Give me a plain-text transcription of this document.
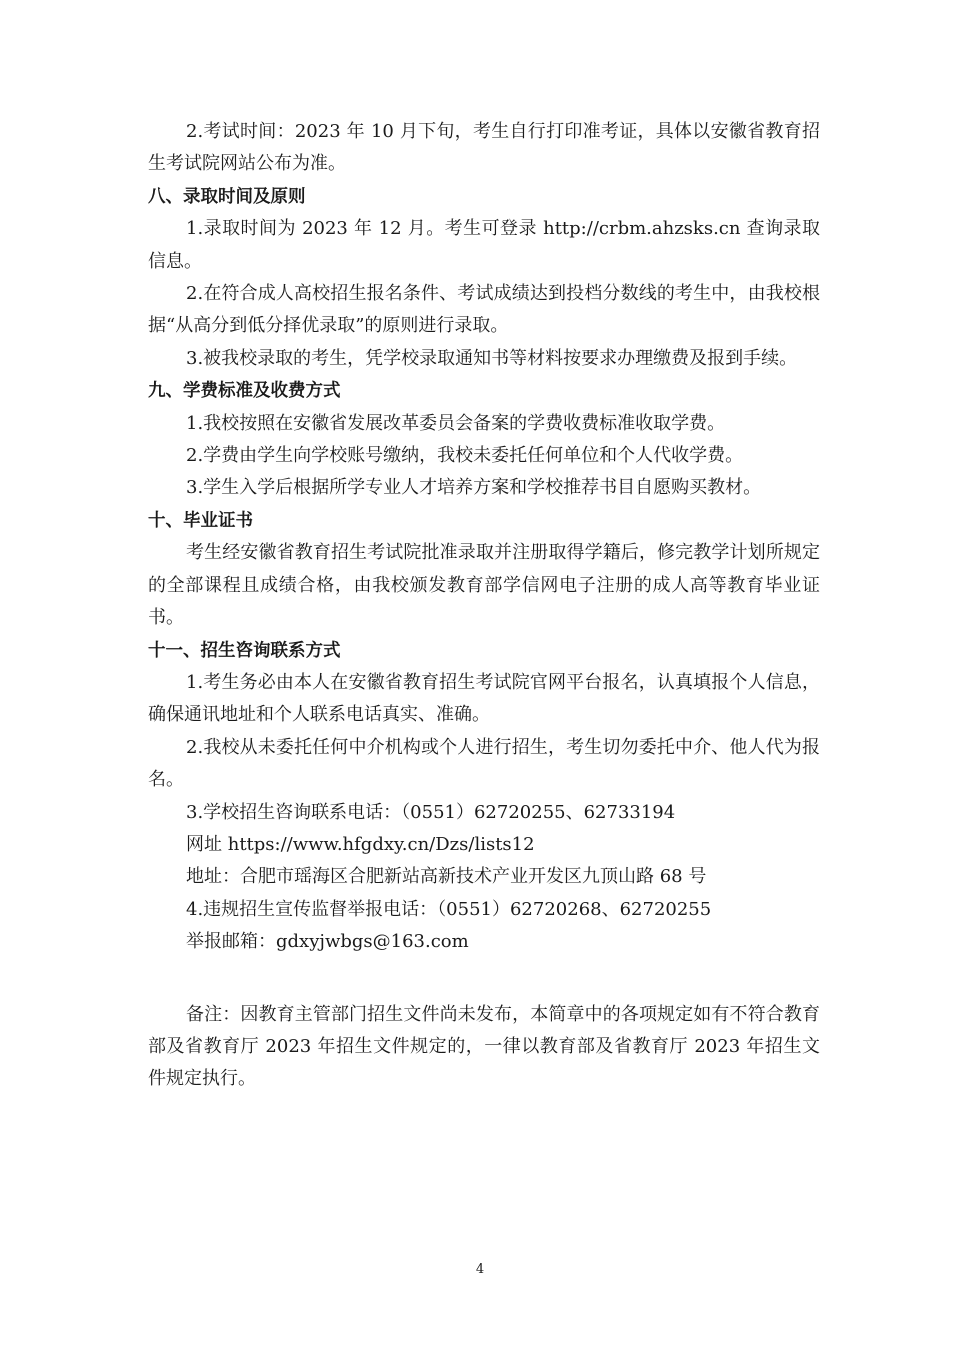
2.考试时间：2023 年 10 月下旬，考生自行打印准考证，具体以安徽省教育招生考试院网站公布为准。

八、录取时间及原则

1.录取时间为 2023 年 12 月。考生可登录 http://crbm.ahzsks.cn 查询录取信息。

2.在符合成人高校招生报名条件、考试成绩达到投档分数线的考生中，由我校根据“从高分到低分择优录取”的原则进行录取。

3.被我校录取的考生，凭学校录取通知书等材料按要求办理缴费及报到手续。

九、学费标准及收费方式

1.我校按照在安徽省发展改革委员会备案的学费收费标准收取学费。

2.学费由学生向学校账号缴纳，我校未委托任何单位和个人代收学费。

3.学生入学后根据所学专业人才培养方案和学校推荐书目自愿购买教材。

十、毕业证书

考生经安徽省教育招生考试院批准录取并注册取得学籍后，修完教学计划所规定的全部课程且成绩合格，由我校颁发教育部学信网电子注册的成人高等教育毕业证书。

十一、招生咨询联系方式

1.考生务必由本人在安徽省教育招生考试院官网平台报名，认真填报个人信息，确保通讯地址和个人联系电话真实、准确。

2.我校从未委托任何中介机构或个人进行招生，考生切勿委托中介、他人代为报名。

3.学校招生咨询联系电话：（0551）62720255、62733194

网址 https://www.hfgdxy.cn/Dzs/lists12

地址：合肥市瑶海区合肥新站高新技术产业开发区九顶山路 68 号

4.违规招生宣传监督举报电话：（0551）62720268、62720255

举报邮箱：gdxyjwbgs@163.com

备注：因教育主管部门招生文件尚未发布，本简章中的各项规定如有不符合教育部及省教育厅 2023 年招生文件规定的，一律以教育部及省教育厅 2023 年招生文件规定执行。

4
